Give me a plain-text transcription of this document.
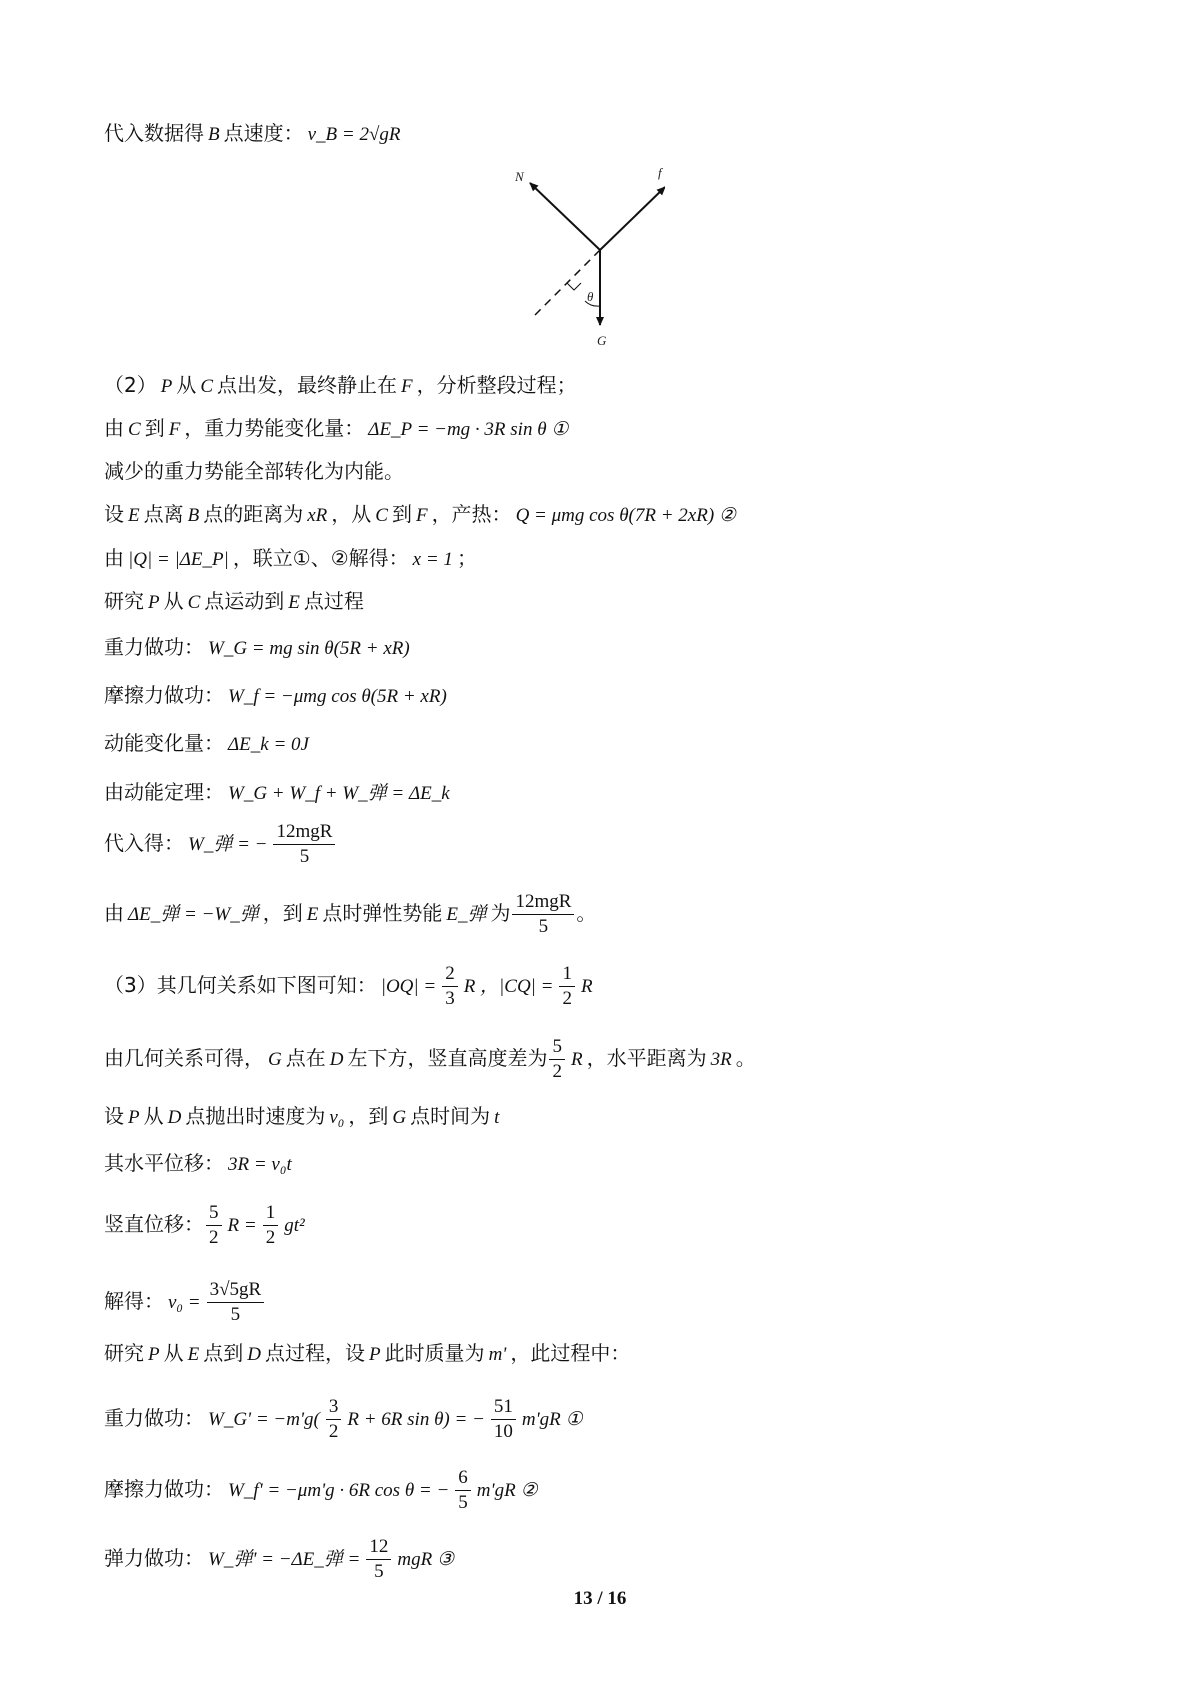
代入数据得 B 点速度： v_B = 2√gR
N	f
G
θ
（2） P 从 C 点出发，最终静止在 F ，分析整段过程；
由 C 到 F ，重力势能变化量： ΔE_P = −mg · 3R sin θ ①
减少的重力势能全部转化为内能。
设 E 点离 B 点的距离为 xR ，从 C 到 F ，产热： Q = μmg cos θ(7R + 2xR) ②
由 |Q| = |ΔE_P| ，联立①、②解得： x = 1 ；
研究 P 从 C 点运动到 E 点过程
重力做功： W_G = mg sin θ(5R + xR)
摩擦力做功： W_f = −μmg cos θ(5R + xR)
动能变化量： ΔE_k = 0J
由动能定理： W_G + W_f + W_弹 = ΔE_k
代入得： W_弹 = − $\frac{\text{12mgR}}{5}$
由 ΔE_弹 = −W_弹 ，到 E 点时弹性势能 E_弹 为 $\frac{\text{12mgR}}{5}$ 。
（3）其几何关系如下图可知： $|OQ| = \frac{2}{3}$ R ，$|CQ| = \frac{1}{2}$ R
由几何关系可得， G 点在 D 左下方，竖直高度差为 $\frac{5}{2}$ R ，水平距离为 3R 。
设 P 从 D 点抛出时速度为 v₀ ，到 G 点时间为 t
其水平位移： 3R = v₀t
竖直位移： $\frac{5}{2}$ $R = \frac{1}{2} gt^2$
解得： $v_0 = \frac{3√5gR}{5}$
研究 P 从 E 点到 D 点过程，设 P 此时质量为 m' ，此过程中：
重力做功： W_G' = $-m'g( \frac{3}{2}$ R + 6R sin θ) = − $\frac{51}{10} m'gR$ ①
摩擦力做功： W_f' = −μm'g · 6R cos θ = − $\frac{6}{5} m'gR$ ②
弹力做功： W_弹' = −ΔE_弹 = $\frac{12}{5}$ mgR ③
13 / 16
